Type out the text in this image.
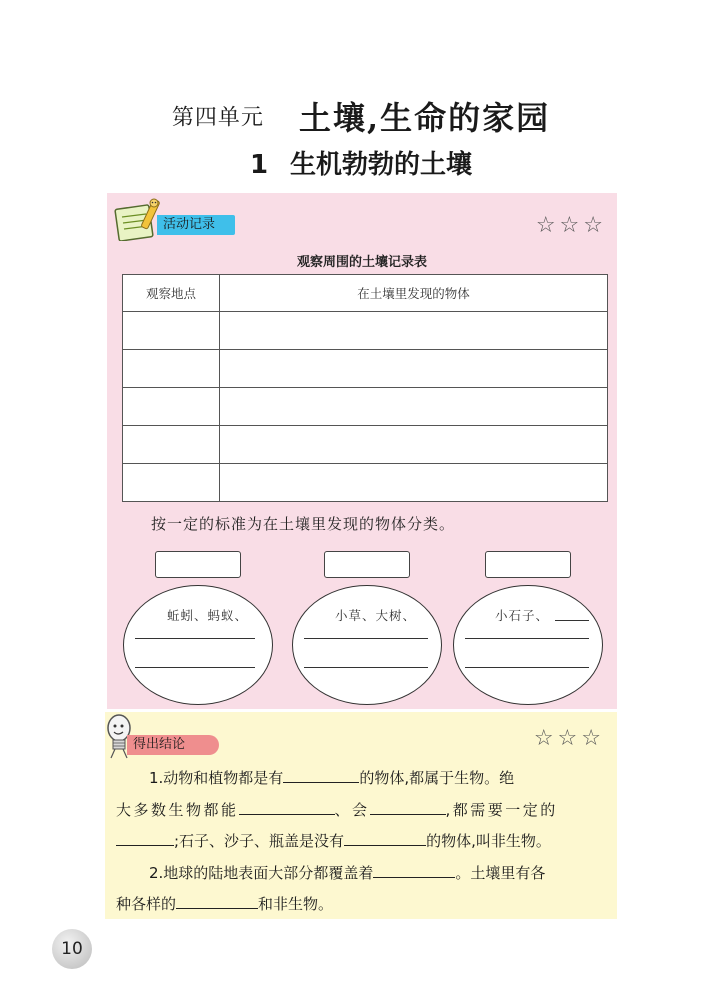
第四单元 土壤,生命的家园
1 生机勃勃的土壤
活动记录	☆☆☆
观察周围的土壤记录表
观察地点	在土壤里发现的物体

按一定的标准为在土壤里发现的物体分类。
蚯蚓、蚂蚁、	小草、大树、	小石子、
得出结论	☆☆☆
1.动物和植物都是有	的物体,都属于生物。绝
大多数生物都能	、会	,都需要一定的
;石子、沙子、瓶盖是没有	的物体,叫非生物。
2.地球的陆地表面大部分都覆盖着	。土壤里有各
种各样的	和非生物。
10
